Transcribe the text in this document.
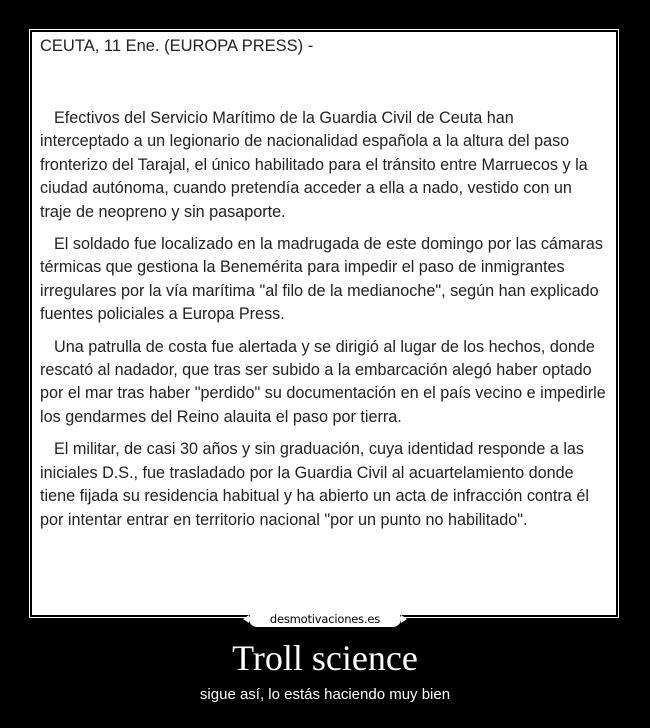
CEUTA, 11 Ene. (EUROPA PRESS) -

Efectivos del Servicio Marítimo de la Guardia Civil de Ceuta han interceptado a un legionario de nacionalidad española a la altura del paso fronterizo del Tarajal, el único habilitado para el tránsito entre Marruecos y la ciudad autónoma, cuando pretendía acceder a ella a nado, vestido con un traje de neopreno y sin pasaporte.

El soldado fue localizado en la madrugada de este domingo por las cámaras térmicas que gestiona la Benemérita para impedir el paso de inmigrantes irregulares por la vía marítima "al filo de la medianoche", según han explicado fuentes policiales a Europa Press.

Una patrulla de costa fue alertada y se dirigió al lugar de los hechos, donde rescató al nadador, que tras ser subido a la embarcación alegó haber optado por el mar tras haber "perdido" su documentación en el país vecino e impedirle los gendarmes del Reino alauita el paso por tierra.

El militar, de casi 30 años y sin graduación, cuya identidad responde a las iniciales D.S., fue trasladado por la Guardia Civil al acuartelamiento donde tiene fijada su residencia habitual y ha abierto un acta de infracción contra él por intentar entrar en territorio nacional "por un punto no habilitado".

desmotivaciones.es
Troll science

sigue así, lo estás haciendo muy bien
